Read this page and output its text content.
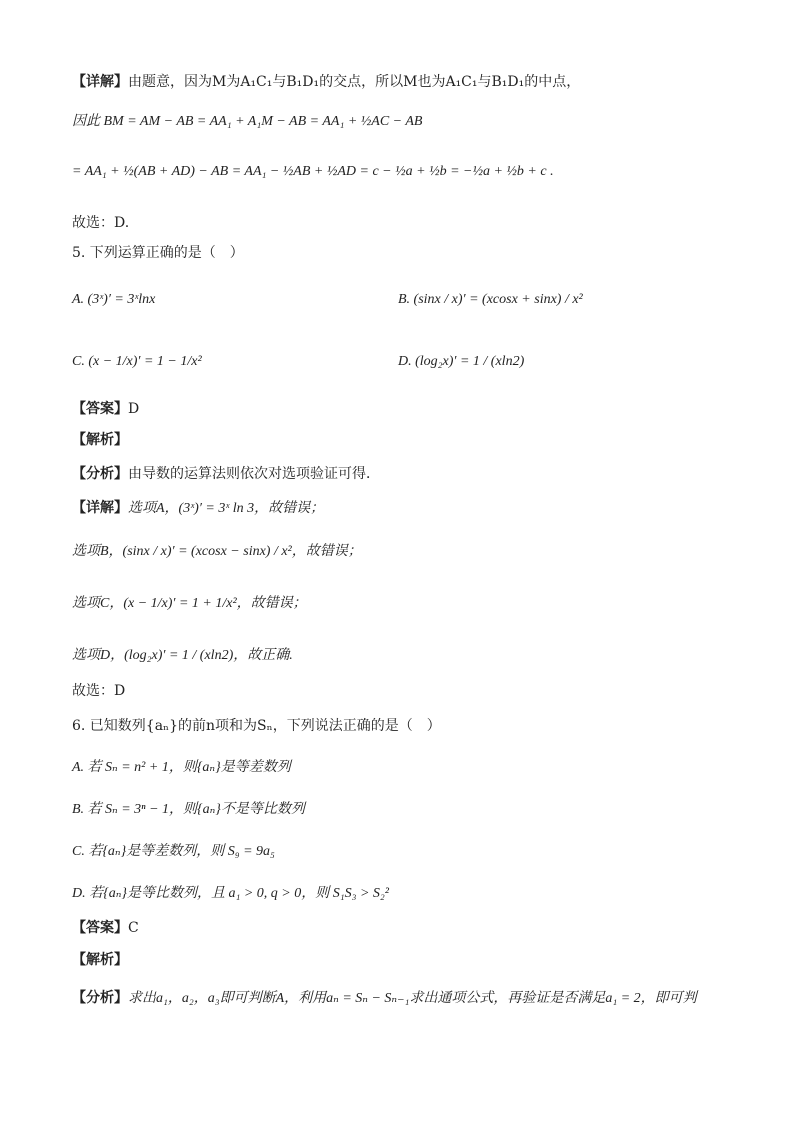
【详解】由题意，因为M为A₁C₁与B₁D₁的交点，所以M也为A₁C₁与B₁D₁的中点，
因此 BM = AM − AB = AA₁ + A₁M − AB = AA₁ + ½AC − AB
= AA₁ + ½(AB + AD) − AB = AA₁ − ½AB + ½AD = c − ½a + ½b = −½a + ½b + c .
故选：D.
5. 下列运算正确的是（　）
A. (3ˣ)′ = 3ˣlnx	B. (sinx / x)′ = (xcosx + sinx) / x²
C. (x − 1/x)′ = 1 − 1/x²	D. (log₂x)′ = 1 / (xln2)
【答案】D
【解析】
【分析】由导数的运算法则依次对选项验证可得．
【详解】选项A，(3ˣ)′ = 3ˣ ln 3，故错误；
选项B，(sinx / x)′ = (xcosx − sinx) / x²，故错误；
选项C，(x − 1/x)′ = 1 + 1/x²，故错误；
选项D，(log₂x)′ = 1 / (xln2)，故正确.
故选：D
6. 已知数列{aₙ}的前n项和为Sₙ，下列说法正确的是（　）
A. 若 Sₙ = n² + 1，则{aₙ}是等差数列
B. 若 Sₙ = 3ⁿ − 1，则{aₙ}不是等比数列
C. 若{aₙ}是等差数列，则 S₉ = 9a₅
D. 若{aₙ}是等比数列，且 a₁ > 0, q > 0，则 S₁S₃ > S₂²
【答案】C
【解析】
【分析】求出a₁，a₂，a₃即可判断A，利用aₙ = Sₙ − Sₙ₋₁求出通项公式，再验证是否满足a₁ = 2，即可判
